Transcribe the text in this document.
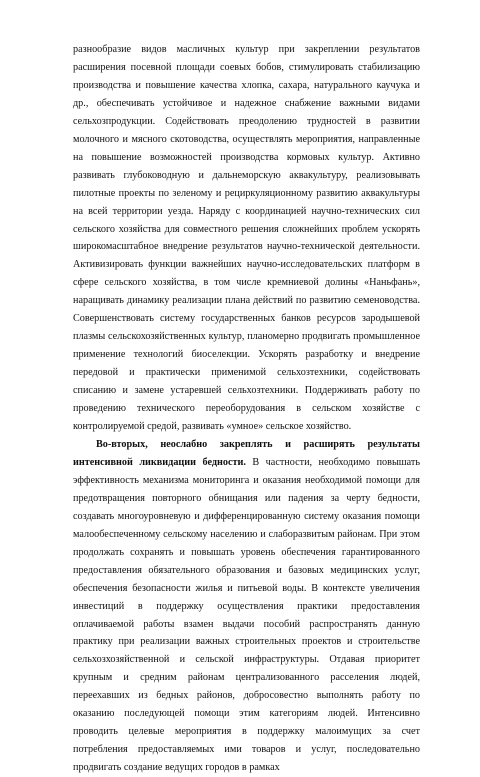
разнообразие видов масличных культур при закреплении результатов расширения посевной площади соевых бобов, стимулировать стабилизацию производства и повышение качества хлопка, сахара, натурального каучука и др., обеспечивать устойчивое и надежное снабжение важными видами сельхозпродукции. Содействовать преодолению трудностей в развитии молочного и мясного скотоводства, осуществлять мероприятия, направленные на повышение возможностей производства кормовых культур. Активно развивать глубоководную и дальнеморскую аквакультуру, реализовывать пилотные проекты по зеленому и рециркуляционному развитию аквакультуры на всей территории уезда. Наряду с координацией научно-технических сил сельского хозяйства для совместного решения сложнейших проблем ускорять широкомасштабное внедрение результатов научно-технической деятельности. Активизировать функции важнейших научно-исследовательских платформ в сфере сельского хозяйства, в том числе кремниевой долины «Наньфань», наращивать динамику реализации плана действий по развитию семеноводства. Совершенствовать систему государственных банков ресурсов зародышевой плазмы сельскохозяйственных культур, планомерно продвигать промышленное применение технологий биоселекции. Ускорять разработку и внедрение передовой и практически применимой сельхозтехники, содействовать списанию и замене устаревшей сельхозтехники. Поддерживать работу по проведению технического переоборудования в сельском хозяйстве с контролируемой средой, развивать «умное» сельское хозяйство.

Во-вторых, неослабно закреплять и расширять результаты интенсивной ликвидации бедности. В частности, необходимо повышать эффективность механизма мониторинга и оказания необходимой помощи для предотвращения повторного обнищания или падения за черту бедности, создавать многоуровневую и дифференцированную систему оказания помощи малообеспеченному сельскому населению и слаборазвитым районам. При этом продолжать сохранять и повышать уровень обеспечения гарантированного предоставления обязательного образования и базовых медицинских услуг, обеспечения безопасности жилья и питьевой воды. В контексте увеличения инвестиций в поддержку осуществления практики предоставления оплачиваемой работы взамен выдачи пособий распространять данную практику при реализации важных строительных проектов и строительстве сельхозхозяйственной и сельской инфраструктуры. Отдавая приоритет крупным и средним районам централизованного расселения людей, переехавших из бедных районов, добросовестно выполнять работу по оказанию последующей помощи этим категориям людей. Интенсивно проводить целевые мероприятия в поддержку малоимущих за счет потребления предоставляемых ими товаров и услуг, последовательно продвигать создание ведущих городов в рамках
